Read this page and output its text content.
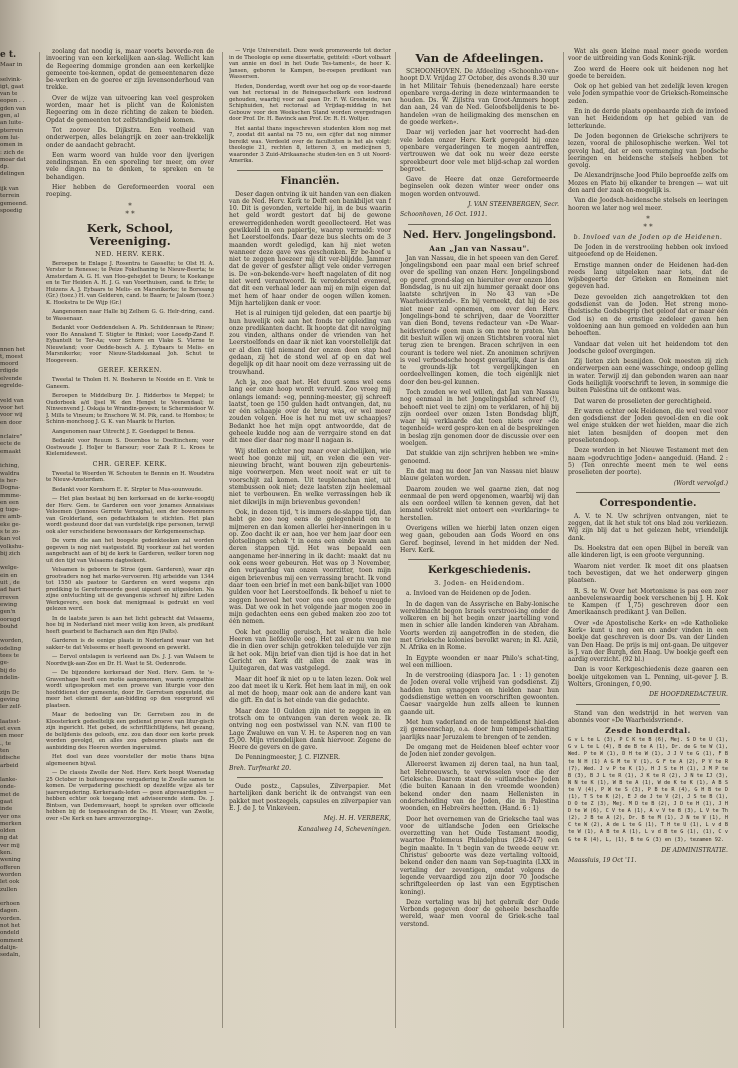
e t.
Maar in
selvink-
igt, gaat
van te
eopen . .
gden van
gen, al
an luite-
pterrein
om lui-
omen in
: zich de
moar dat
dp.
delingen
ijk van
terrein
gemeend.
spoedig
nnen het
t, moest
moord
rdigde
elvende
egrelde-
veld van
voor het
voor wij
en door
nclaire"
ecte de
emaakt
iching,
waldra
is her-
Dogna-
mmme-
en een
g tuge-
re amb-
eke ge-
s te zo-
kan vol
volkshu-
bij zich
welge-
ein en
uit , de
ad hart
rreven
ewing
gen'n
oorugd
bouhd
worden,
odeling
tees te
ge-
bij do
ndelin-
zijn Dc
geving
ler zelf-
laatsst-
et even
en meer
., te
ten
idische
arbeid
lanke-
onde-
met de
gaat
inde
ver ons
merken
olden
ng dat
ver mij
ken.
wening
offeren
worden
let ook
zullen
erhoen
dagen.
vorden.
not het
ondeld
omment
dalijn-
sedaln,

zoolang dat noodig is, maar voorts bevorde-ren de invoering van een kerkelijken aan-slag. Wellicht kan de Regeering dommige gronden aan een kerkelijke gemeente toe-kennen, opdat de gemeentenaren deze be-werken en de goeree er zijn levensonderhoud van trekke.

Over de wijze van uitvoering kan veel gesproken worden, maar het is plicht van de Kolonisten Regeering om in deze richting de zaken te bieden. Opdat de gemeenten tot zelfstandigheid komen.

Tot zoover Ds. Dijkstra. Een veelheid van onderwerpen, alles belangrijk en zeer aan-trekkelijk onder de aandacht gebracht.

Een warm woord van hulde voor den ijverigen zendingsman. En een sporeling ter meer, om over vele dingen na te denken, te spreken en te behandigen.

Hier hebben de Gereformeerden vooral een roeping.

*
* *
Kerk, School, Vereeniging.
NED. HERV. KERK.

Beroepen te Enlage J. Rosentra te Gasselte; te Olst H. A. Verster te Renesse; te Peize Fokelhaning te Nieuw-Beerta; te Amsterdam A. G. H. van Hoo-gehejdet te Deurs; te Koekange en te Ter Heiden A. H. J. G. van Voorthuisen, cand. te Erle; te Huizens A. J. Eybaars te Melis- en Marsnikerke; te Borssang (Gr.) (toez.) H. van Gelderen, cand. te Baarn; te Jaloam (toez.) K. Hoekstra te De Wijp (Gr.)

Aangenomen naar Halle bij Zelhem G. G. Helr-dring, cand. te Wassenaar.

Bedankt voor Oeddendelsen A. Ph. Schildenraan te Rinsw; voor Bo Annaland T. Stigter te Rinkel; voor Loosdp-Zand F. Eybantelt te Ter-Aa; voor Schore en Vlake S. Vlerne te Nieuwland; voor Oedde-bosch A. J. Eybaars te Melis- en Marsnikerke; voor Nieuw-Stadskanaal Joh. Schut te Hoogeveen.

GEREF. KERKEN.

Tweetal te Tholen H. N. Bosheren te Nooide en E. Vink te Ganeem.

Beroepen te Middelburg Dr. J. Ridderbos te Meppel; te Oudorbeek a/d Ijsel W. den Hengst te Veenendaal; te Ninwenvend J. Oskaja te Wrandin-geveen; te Schermisdoor W. J. Mills te Vineum; te Enschore W. M. Pik, cand. te Hombos; te Schinn-monchoog J. G. K. van Maarik te Hurton.

Aangenomen naar Uitrecht J. E. Goedappel te Benea.

Bedankt voor Reuum S. Doornbos te Doeltinchem; voor Oostwoude J. Holjer te Barsour; voor Zaik P. L. Kroes te Kielemidewest.

CHR. GEREF. KERK.

Tweetal te Woerden W. Schouten te Bennin en H. Woudstra te Nieuw-Amsterdam.

Bedankt voor Kornhorn E. E. Slrpter te Mus-sounvoude.

— Het plan bestaat bij ben kerkeraad en de kerke-voogdij der Herv. Gem. te Garderen een voor jonames Annaisiaas Veloemen (Jonnees Gerrete Verougha), een der bowommers van Grolderland, een gedachtkaken te stichten. Het plan wordt gesteund door dat van vurdstelijk ripe personen, terwijl ook aler verscheidene bewoonsaars der Kerkgemeenschap.

De vorm die aan het boogste gedenkteeken zal worden gegeven is nog niet vastgesteld. Bij voorkeur zal het worden aangebracht aan of bij de kerk te Garderen, welker toren nog uit den tijd van Velsaems dagteekent.

Velsamen is geboren te Stroe (gem. Garderen), waar zijn grootvaders nog het marke-vervoeren. Hij arbeidde van 1344 tot 1550 als pastoor te Garderen en werd wegens zijn prediking te Gereformeerde geest uigezet en uitgesloten. Na zijne ontvluchting uit de gevangenis schreef hij ziftre Leden Werkgevers, een boek dat menigmaal is gedrukt en veel gelezen werd.

In de laatste jaren is aan het licht gebracht dat Velsaems, hoe bij in Nederland niet meer veilig kon leven, als predikant heeft gearbeid te Bacharach aan den Rijn (Palts).

Garderen is de eenige plaats in Nederland waar van het sakker-te dat Velseems er heeft gewoond en gewerkt.

— Eervol ontslagen is verleend aan Ds. J. J. van Walsem te Noordwijk-aan-Zee en Dr. H. Wast te St. Oedenrode.

— De bijzondere kerkeraad der Ned. Herv. Gem. te 's-Gravenhage heeft een motie aangenomen, waarin sympathie wordt uitgesproken met een proeve van liturgie voor den hoofddienst der gemeente, door Dr. Gerretsen opgesteld, die meer het element der aan-bidding op den voorgrond wil plaatsen.

Maar de bedoeling van Dr. Gerretsen zou in de Kloosterkerk gedeeltelijk een gedienst proeve van litur-gisch zijn ingericht. Het gebed, de schriftlichtlijdens, het gezang, de belijdenis des geloofs, enz. zou dan door een korte preek worden gevolgd, en alles zou gebeuren plaats aan de aanbidding des Heeren worden ingeruimd.

Het doel van deze voorsteller der motie thans bijna algemeenen bijval.

— De classis Zwolle der Ned. Herv. Kerk beopt Woensdag 25 October in buitengewone vergadering te Zwolle samen te komen. De vergadering geschiedt op dezelfde wijze als ter jaarvergadering. Kerkeraads-leden — geen afgevaardigden — hebben echter ook toegang met adviseerende stem. Ds. J. Bintsen, van Dedemsvaart, hoopt te spreken over officieele hebben bij de toepassingvan de Ds. H. Visser, van Zwolle, over »De Kerk en hare armverzorging«.

— Vrije Universiteit. Deze week promoveerde tot doctor in de Theologie op eene dissertatie, getiteld: »Dort volbaart van annie en doel in het Oude Tes-tament«, de heer K. Jansen, geboren te Kampen, be-roepen predikant van Wassersen.

Heden, Donderdag, wordt over het oog op de voor-daarde van het rectoraal in de Reinegaschelkerk een lesdrond gehouden, waarbij voor zal gaan Dr. F. W. Grosheide, van Schiphuiden, het rectoraal ad Vrijdag-middag in het Gebouw voor den Weekschen Stand worden overgedragen door Prof. Dr. H. Bavinck aan Prof. Dr. R. H. Woltjer.

Het aantal thans ingeschreven studenten klom nog met 7, zoodat dit aantal na 75 nu, een cijfer dat nog nimmer bereikt was. Verdeeld over de faculteiten is het als volgt: theologie 21, rechten 8, letteren 3, en medicijnen 5, waaronder 3 Zuid-Afrikaansche studen-ten en 5 uit Noord-Amerika.

Financiën.

Deser dagen ontving ik uit handen van een diaken van de Ned. Herv. Kerk te Delft een bankbiljet van f 10. Dit is gevonden, vertelde hij, in de bus waarin het geld wordt gestort dat bij de gewone erewerregidenheden wordt geeollecteerd. Het was gewikkeld in een papiertje, waarop vermeld: voor het Leerstoelfonds. Daar deze bus slechts om de 3 maanden wordt geledigd, kan hij niet weten wanneer deze gave was geschonken. Er be-hoef u niet te zeggen hoezeer mij dit ver-blijdde. Jammer dat de gever of gesfster alligt vele onder verregen is. De »on-bekende-ver« heeft nagelaten of dit nog niet werd verantwoord. Ik veronderstel evenwel, dat dit een verhaal leder aan mij en mijn eigen dat met hem of haar onder de oogen willen komen. Mijn hartelijken dank er voor.

Het is al ruinigen tijd geleden, dat een paartje bij hun huwelijk ook aan het fonds ter opleiding van onze predikanten dacht. Ik hoopte dat dit navolging zou vinden, althans onder de vrienden van het Leerstoelfonds en daar ik niet kan voorstellelijk dat er al dien tijd niemand der onzen deen stap had gedaan, zij het de stond wel af op en dat wel degelijk op dit haar nooit om deze verrassing uit de trouwhand.

Ach ja, zoo gaat het. Het duurt soms wel eens lang eer onze hoop wordt vervuld. Zoo vroeg mij onlangs iemand: »eg, penning-meester, gij schreeft laatst, toen ge 150 gulden hadt ontvangen, dat, nu er één schaapje over de brug was, er wel meer zouden volgen. Hoe is het nu met uw schaapjes? Bedankt hoe het mijn opgt antwoordde, dat de geheele kudde nog aan de verrgaire stond en dat dit mee dier daar nog maar ll nagaan is.

Wij stellen echter nog maar over aichelijken, wie weet hoe gonze mij uit, en velen die een ver-nieuwing bracht, want bouwen zijn gebeurtenis-nige voorwerpen. Men weet nooit wat er uit te voorschijt zal komen. Uit teuplenachan niet, uit stembussen ook niet; deze laatsten zijn heelemaal niet te verbouwen. En welke verrassingen heb ik niet dikwijls in mijn brievenbus gevonden!

Ook, in dezen tijd, 't is immers de-slappe tijd, dan hebt ge zoo nog eens de gelegenheid om te mijmeren en dan komen allerlei her-inneringen in u op. Zoo dacht ik er aan, hoe ver hem jaar door een plotselingen schok 't in eens een einde kwam aan deren stappen tijd. Het was bepaald een aangename her-innering in ik dacht: maakt dat nu ook eens weer gebeuren. Het was op 3 November, den verjaardag van onzen voorzitter, toen mijn eigen brievenbus mij een verrassing bracht. Ik vond daar toen een brief in met een bank-biljet van 1000 gulden voor het Leerstoelfonds. Ik behoef u niet te zeggen hoeveel het voor ons een groote vreugde was. Dat we ook in het volgende jaar mogen zoo in mijn gedachten eens een gebed maken zoo zoo tot één nemen.

Ook het gezellig geruisch, het waken die hele Heeren van liefdevolle oog. Het zal er nu van me die in dien over schijn getrokken teleduijde ver zijn ik het ook. Mijn brief van dien tijd is hoe dat in het Gericht en Kerk dit allen de zaak was in Ljuitegaren, dat was vastgelegd.

Maar dit hoef ik niet op u te laten lezen. Ook wel zoo dat meet ik u Kerk. Het hem laat in mij, en ook al met de hoop, maar ook aan de andere kant van die gift. En dat is het einde van die gedachte.

Maar deze 10 Gulden zijn niet te zeggen in en trotsch om te ontvangen van deren week ze. Ik ontving nog een postwissel van N.N. van f100 te Lage Zwaluwe en van V. H. te Asperen nog en van f5,00. Mijn vriendelijken dank hiervoor. Zegene de Heere de gevers en de gave.

De Penningmeester, J. C. FIZNER.

Breh. Turfmarkt 20.

Oude postz., Capsules, Zilverpapier. Met hartelijken dank bericht ik de ontvangst van een pakket met postzegels, capsules en zilverpapier van E. J. de J. te Vinkeveen.

Mej. H. H. VERBERK,

Kanaalweg 14, Scheveningen.

Van de Afdeelingen.

SCHOONHOVEN. De Afdeeling »Schoonho-ven« hoopt D.V. Vrijdag 27 October, des avonds 8.30 uur in het Militair Tehuis (benedenzaal) hare eerste openbare verga-dering in deze wintermaanden te houden. Ds. W. Zijlstra van Groot-Ammers hoopt dan aan, 24 van de Ned. Geloofsbelijdenis te be-handelen »van de heiligmaking des menschen en de goede werken«.

Daar wij verleden jaar het voorrecht had-den vele leden onzer Herv. Kerk geregeld bij onze openbare vergaderingen te mogen aantreffen, vertrouwen we dat ook nu weer deze eerste spreekbeurt door vele met blijd-schap zal worden begroet.

Gave de Heere dat onze Gereformeerde beginselen ook dezen winter weer onder ons mogen worden ontvouwd.

J. VAN STEENBERGEN, Secr.

Schoonhoven, 16 Oct. 1911.

Ned. Herv. Jongelingsbond.
Aan „Jan van Nassau".

Jan van Nassau, die in het speeen van den Geref. Jongelingsbond een paar maal een brief schreef over de spelling van onzen Herv. Jongelingsbond op geref. grond-slag en hieruiter over onzen Idon Bondsdag, is nu uit zijn hummer geraakt door ons laatste schrijven in No 43 van »De Waarheidsvriend«. En bij verneekt, dat hij de zes niet meer zal opnemen, om over den Herv. Jongelings-bond te schrijven, daar de Voorzitter van dien Bond, tevens redacteur van »De Waar-heidsvriend« geen man is om mee te praten. Van dit besluit willen wij onzen Stichtsbren vooral niet terug zien te brengen. Bracen schrijven in een courant is tedere wel niet. Zn anonimen schrijven is veel verbosdsche hoogst gevaarlijk, daar is dan te grounds-lijk tot vergelijkingen en oordeelvellingen komen, die toch eigenlijk niet door den beu-gel kunnen.

Toch zouden we wel willen, dat Jan van Nassau nog eenmaal in het Jongelingsblad schreef (!), behoeft niet veel te zijn) om te verklaren, of hij bij zijn oordeel over onzen 1sten Bondsdag blijft, waar hij verklaarde dat toen niets over »de tegenheid« werd gespro-ken en al de besprekingen in beslag zijn genomen door de discussie over een woelgen.

Dat stukkie van zijn schrijven hebben we »min« genoemd.

En dat mag nu door Jan van Nassau niet blauw blauw gelaten worden.

Daarom zouden we wel gaarne zien, dat nog eenmaal de pen werd opgenomen, waarbij wij dan als een oordeel willen te kennen geven, dat het iemand volstrekt niet ontoert een »verklaring« te herstellen.

Overigens willen we hierbij laten onzen eigen weg gaan, gebouden aan Gods Woord en ons Geref. beginsel, levend in het midden der Ned. Herv. Kerk.

Kerkgeschiedenis.
3. Joden- en Heidendom.

a. Invloed van de Heidenen op de Joden.

In de dagen van de Assyrische en Baby-lonische wereldmacht begon Israels verstrooi-ing onder de volkeren en bij het begin onzer jaartelling vond men in schier alle landen kinderen van Abraham. Voorts werden zij aangetroffen in de steden, die met Grieksche kolonies bevolkt waren; in Kl. Azië, N. Afrika en in Rome.

In Egypte woonden er naar Philo's schat-ting, wel een millioen.

In de verstrooiing (diaspora Jac. 1 : 1) genoten de Joden overal volle vrijheid van godsdienst. Zij hadden hun synagogen en hielden naar hun godsdienstige wetten en voorschriften gewoonten. Caesar vaargelde hun zelfs alleen te kunnen gaande uit.

Met hun vaderland en de tempeldienst hiel-den zij gemeenschap, o.a. door hun tempel-schatting jaarlijks naar Jeruzalem te brengen of te zenden.

De omgang met de Heidenen bleef echter voor de Joden niet zonder gevolgen.

Allereerst kwamen zij deren taal, na hun taal, het Hebreeuwsch, te verwisselen voor die der Grieksche. Daarom staat de »uitlandsche« Joden (die buiten Kanaan in den vreemde woonden) bekend onder den naam Hellenisten in onderscheiding van de Joden, die in Palestina woonden, en Hebreërs heetten. (Hand. 6 : 1)

Door het overnemen van de Grieksche taal was voor de uitlandsche Joden een Grieksche overzetting van het Oude Testament noodig, waartoe Ptolemeus Philadelphus (284-247) een begin maakte. In 't begin van de tweede eeuw vr. Christus' geboorte was deze vertaling voltooid, bekend onder den naam van Sep-tuaginta (LXX in vertaling der zeventigen, omdat volgens de legende vervaardigd zou zijn door 70 Joodsche schriftgeleerden op last van een Egyptischen koning).

Deze vertaling was bij het gebruik der Oude Verbonds gegeven door de geheele beschaafde wereld, waar men vooral de Griek-sche taal verstond.

Wat als geen kleine maal meer goede worden voor de uitbreiding van Gods Konink-rijk.

Zoo werd de Heere ook uit heidenen nog het goede te bereiden.

Ook op het gebied van het zedelijk leven kregen vele Joden sympathie voor de Grieksch-Romeinsche zeden.

En in de derde plaats openbaarde zich de invloed van het Heidendom op het gebied van de letterkunde.

De Joden begonnen de Grieksche schrijvers te lezen, vooral de philosophische werken. Wel tot gevolg had, dat er een vermenging van Joodsche leeringen en heidensche stelsels hebben tot gevolg.

De Alexandrijnsche Jood Philo beproefde zelfs om Mozes en Plato bij elkander te brengen — wat uit den aard der zaak on-mogelijk is.

Van die Joodsch-heidensche stelsels en leeringen hooren we later nog wel meer.

*
* *
b. Invloed van de Joden op de Heidenen.

De Joden in de verstrooiing hebben ook invloed uitgeoefend op de Heidenen.

Ernstige mannen onder de Heidenen had-den reeds lang uitgeleken naar iets, dat de wijsbegeerte der Grieken en Romeinen niet gegeven had.

Deze gevoelden zich aangetrokken tot den godsdienst van de Joden. Het streng mono-theïstische Godsbegrip (het geloof dat er maar één God is) en de ernstige zedeleer gaven hen voldoening aan hun gemoed en voldeden aan hun behoeften.

Vandaar dat velen uit het heidendom tot den Joodsche geloof overgingen.

Zij lieten zich besnijden. Ook moesten zij zich onderwerpen aan eene wasschinge, ondoop gelling in water. Terwijl zij dan gebonden waren aan naar Gods heiliglijk voorschrift te leven, in sommige die buiten Palestina uit de ontkomt was.

Dat waren de proselieten der gerechtigheid.

Er waren echter ook Heidenen, die wel veel voor den godsdienst der Joden gevoel-den en die ook wel enige stukken der wet hielden, maar die zich niet laten besnijden of doopen met den proselietendoop.

Deze worden in het Nieuwe Testament met den naam »godvruchtige Joden« aangeduid. (Hand. 2 : 5) (Ten onrechte meent men te wel eens proselieten der poorte).

(Wordt vervolgd.)

Correspondentie.

A. V. te N. Uw schrijven ontvangen, niet te zeggen, dat ik het stuk tot ons blad zou verkiezen. Wij zijn blij dat u het gelezen hebt, vriendelijk dank.

Ds. Hoekstra dat een open Bijbel in bereik van alle kinderen ligt, is een groote vergunning.

Waarom niet verder. Ik moet dit ons plaatsen toch bevestigen, dat we het onderwerp gingen plaatsen.

R. S. te W. Over het Mortonisme is pas een zeer aanbevelenswaardig boek verschenen bij J. H. Kok te Kampen (f 1,75) geschreven door een Amerikaansch predikant J. van Dellen.

Over »de Apostolische Kerk« en »de Katholieke Kerk« kunt u nog een en ander vinden in een boekje dat geschreven is door Ds. van der Linden van Den Haag. De prijs is mij ont-gaan. De uitgever is J. van der Burgh, den Haag. Uw boekje geeft een aardig overzicht. (92 bl.)

Dan is voor Kerkgeschiedenis deze gaaren een boekje uitgekomen van L. Penning, uit-gever J. B. Wolters, Groningen, f 0,90.

DE HOOFDREDACTEUR.

Stand van den wedstrijd in het werven van abonnés voor »De Waarheidsvriend«.

Zesde honderdtal.

G v L te L (3), P C K te B (6), Mej. S D te U (1), G v L te L (4), B de B te A (1), Dr. de G te W (1), Wed. P te W (1), D H te W (1), J J V te G (1), F B te N H (1) A G M te V (1), G F te A (2), P V te R (7), Wed. J v P te K (1), H J S te H (1), J M P te B (3), B J L te R (1), J K te R (2), J N te IJ (3), N N te K (1), W B te A (1), W de K te K (1), A B S te V (4), P W te S (3), P B te R (4), G H B te D (1), T S te K (2), E J de J te V (2), J S te B (1), D O te Z (3), Mej. M D te B (2), J D te H (1), J H D te W (6), C V te A (1), A v V te B (3), L V te Th (2), J B te A (2), Dr. B te M (1), J N te V (1), H C te W (2), A de L te G (1), T H te U (1), L v d B te W (1), A B te A (1), L v d B te G (1), (1), C v G te R (4), L, (1), B te G (3) en (3), tezamen 92.

DE ADMINISTRATIE.

Maassluis, 19 Oct '11.
